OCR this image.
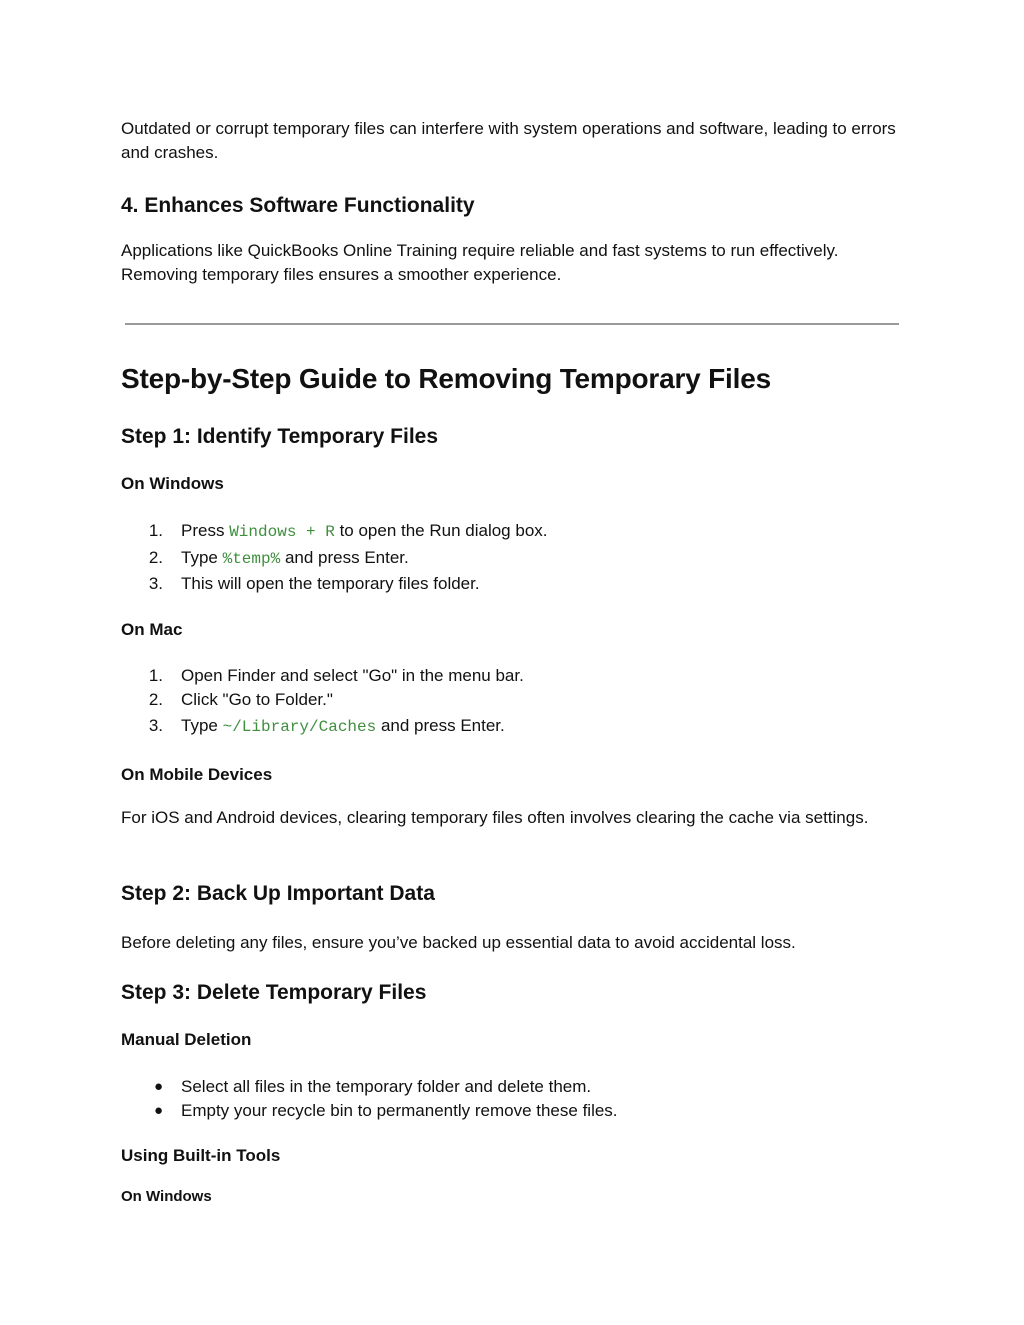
Outdated or corrupt temporary files can interfere with system operations and software, leading to errors and crashes.

4. Enhances Software Functionality

Applications like QuickBooks Online Training require reliable and fast systems to run effectively. Removing temporary files ensures a smoother experience.

Step-by-Step Guide to Removing Temporary Files
Step 1: Identify Temporary Files
On Windows
1. Press Windows + R to open the Run dialog box.
2. Type %temp% and press Enter.
3. This will open the temporary files folder.
On Mac
1. Open Finder and select "Go" in the menu bar.
2. Click "Go to Folder."
3. Type ~/Library/Caches and press Enter.
On Mobile Devices

For iOS and Android devices, clearing temporary files often involves clearing the cache via settings.

Step 2: Back Up Important Data

Before deleting any files, ensure you’ve backed up essential data to avoid accidental loss.

Step 3: Delete Temporary Files
Manual Deletion
● Select all files in the temporary folder and delete them.
● Empty your recycle bin to permanently remove these files.
Using Built-in Tools
On Windows
